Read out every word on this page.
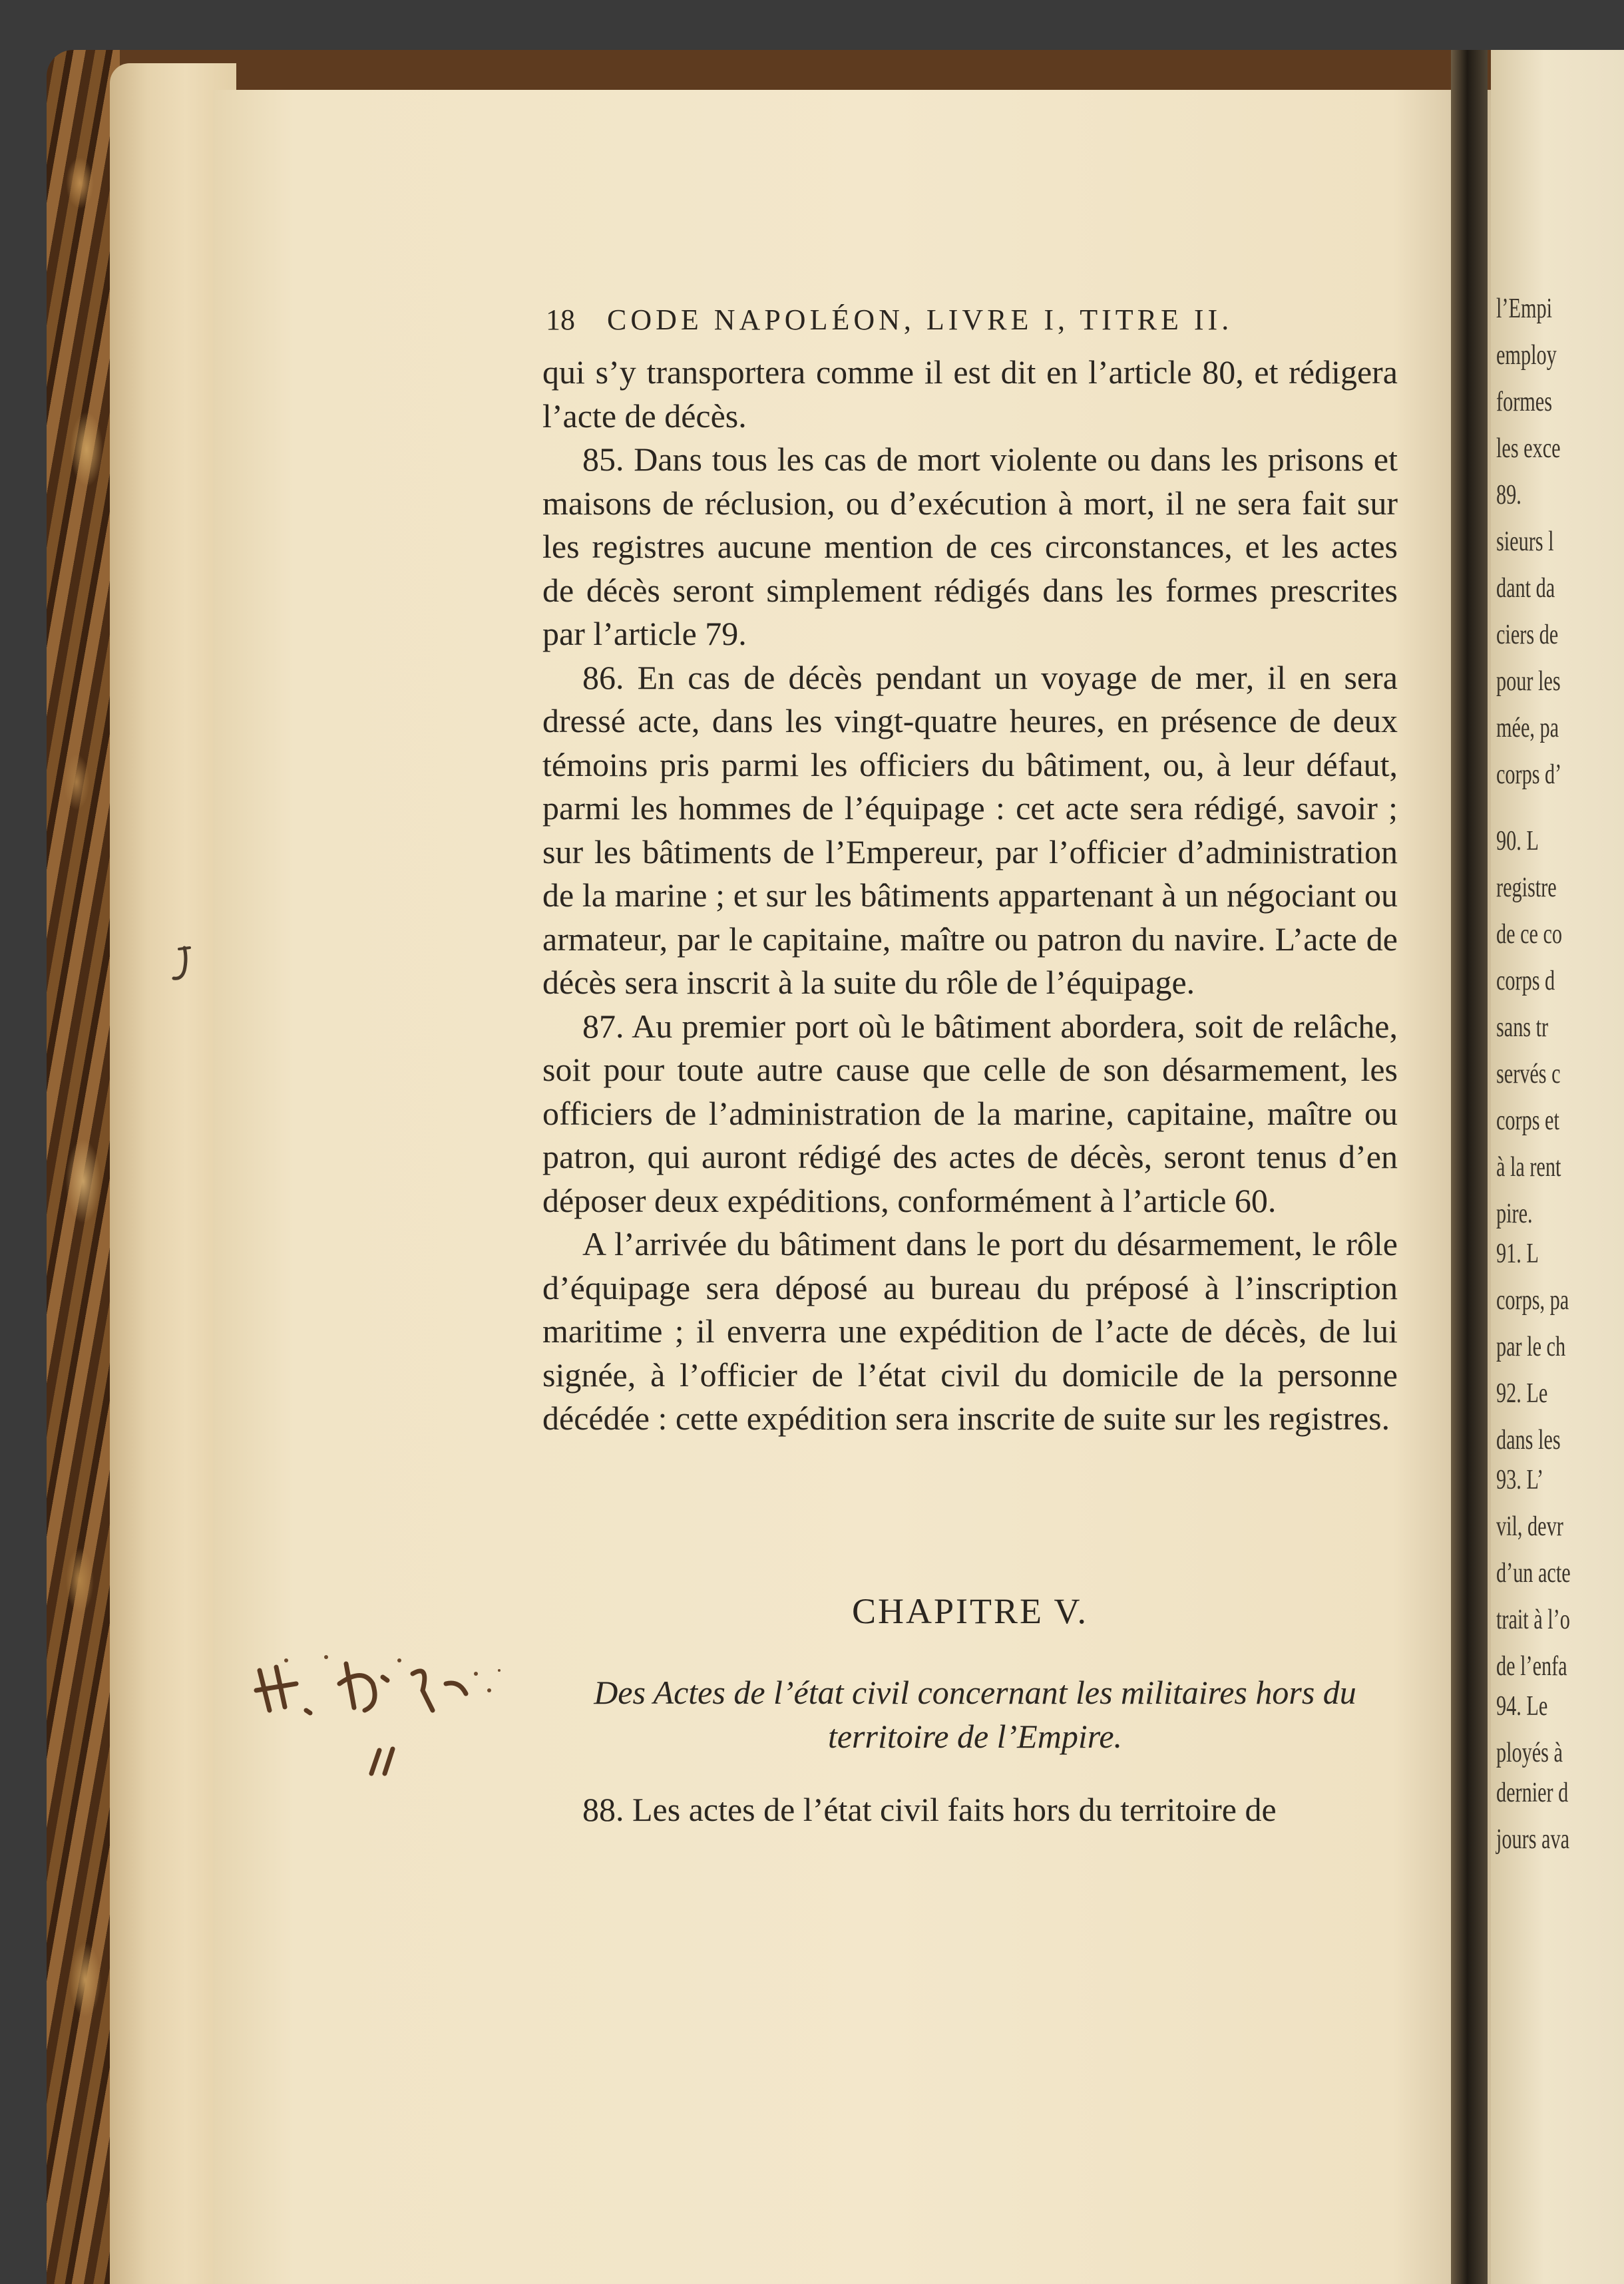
l’Empi
employ
formes
les exce
89.
sieurs l
dant da
ciers de
pour les
mée, pa
corps d’
90. L
registre
de ce co
corps d
sans tr
servés c
corps et
à la rent
pire.
91. L
corps, pa
par le ch
92. Le
dans les
93. L’
vil, devr
d’un acte
trait à l’o
de l’enfa
94. Le
ployés à
dernier d
jours ava
18 CODE NAPOLÉON, LIVRE I, TITRE II.

qui s’y transportera comme il est dit en l’article 80, et rédigera l’acte de décès.

85. Dans tous les cas de mort violente ou dans les prisons et maisons de réclusion, ou d’exécution à mort, il ne sera fait sur les registres aucune mention de ces circonstances, et les actes de décès seront simplement rédigés dans les formes prescrites par l’article 79.

86. En cas de décès pendant un voyage de mer, il en sera dressé acte, dans les vingt-quatre heures, en présence de deux témoins pris parmi les officiers du bâtiment, ou, à leur défaut, parmi les hommes de l’équipage : cet acte sera rédigé, savoir ; sur les bâtiments de l’Empereur, par l’officier d’administration de la marine ; et sur les bâtiments appartenant à un négociant ou armateur, par le capitaine, maître ou patron du navire. L’acte de décès sera inscrit à la suite du rôle de l’équipage.

87. Au premier port où le bâtiment abordera, soit de relâche, soit pour toute autre cause que celle de son désarmement, les officiers de l’administration de la marine, capitaine, maître ou patron, qui auront rédigé des actes de décès, seront tenus d’en déposer deux expéditions, conformément à l’article 60.

A l’arrivée du bâtiment dans le port du désarmement, le rôle d’équipage sera déposé au bureau du préposé à l’inscription maritime ; il enverra une expédition de l’acte de décès, de lui signée, à l’officier de l’état civil du domicile de la personne décédée : cette expédition sera inscrite de suite sur les registres.

CHAPITRE V.
Des Actes de l’état civil concernant les militaires hors du
territoire de l’Empire.
88. Les actes de l’état civil faits hors du territoire de
